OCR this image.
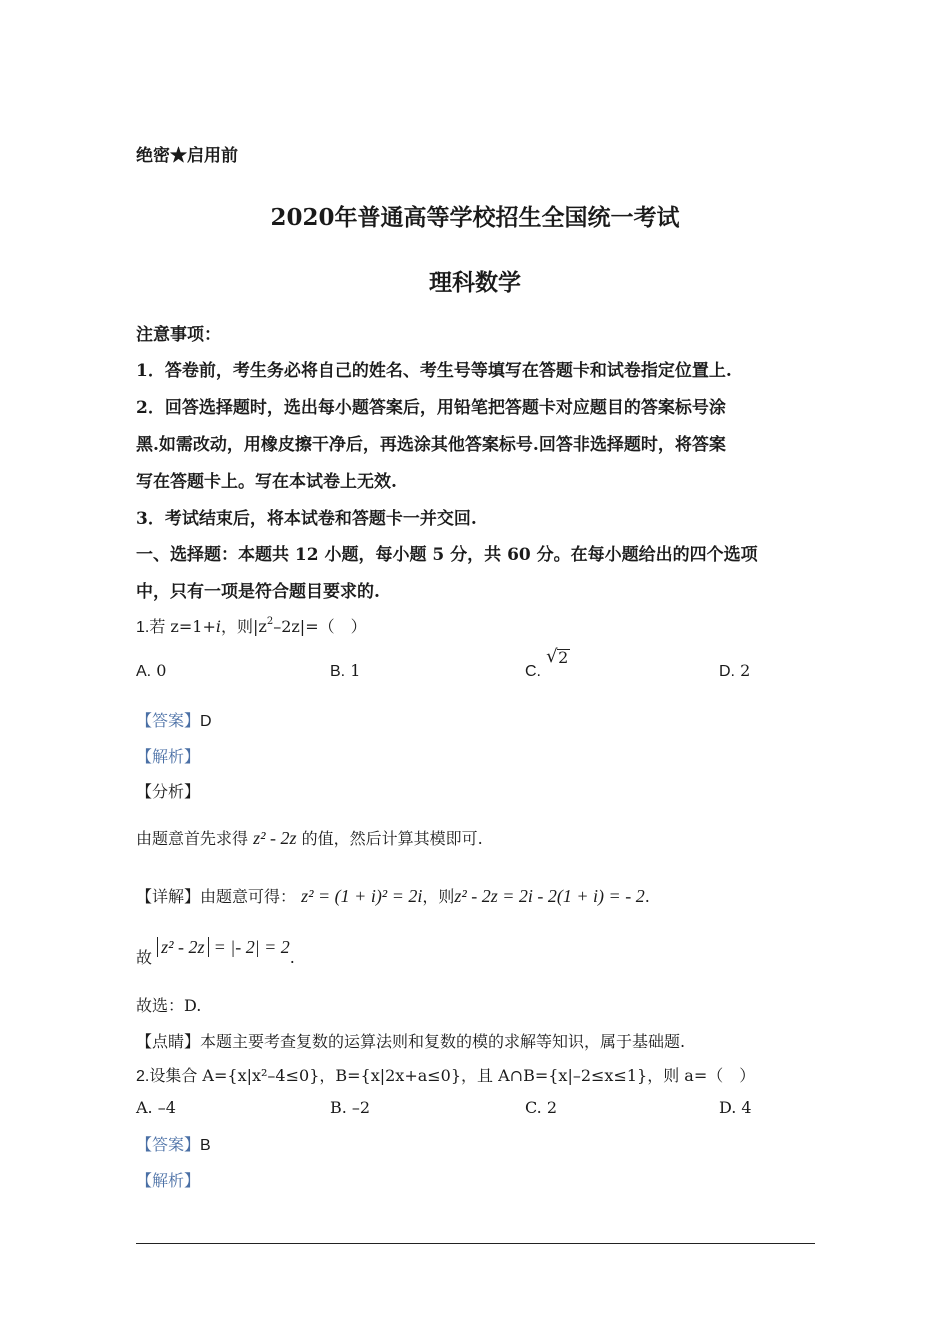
绝密★启用前
2020年普通高等学校招生全国统一考试
理科数学
注意事项：
1．答卷前，考生务必将自己的姓名、考生号等填写在答题卡和试卷指定位置上.
2．回答选择题时，选出每小题答案后，用铅笔把答题卡对应题目的答案标号涂
黑.如需改动，用橡皮擦干净后，再选涂其他答案标号.回答非选择题时，将答案
写在答题卡上。写在本试卷上无效.
3．考试结束后，将本试卷和答题卡一并交回.
一、选择题：本题共 12 小题，每小题 5 分，共 60 分。在每小题给出的四个选项
中，只有一项是符合题目要求的.
1.若 z=1+i，则$|z^2-2z|=$（　）
A. 0	B. 1	C.
√ 2
D. 2
【答案】D
【解析】
【分析】
由题意首先求得 z² - 2z 的值，然后计算其模即可.
【详解】由题意可得： z² = (1 + i)² = 2i，则z² - 2z = 2i - 2(1 + i) = - 2.
故 z² - 2z = |- 2| = 2.
故选：D.
【点睛】本题主要考查复数的运算法则和复数的模的求解等知识，属于基础题.
2.设集合 A={x|x²–4≤0}，B={x|2x+a≤0}，且 A∩B={x|–2≤x≤1}，则 a=（　）
A. –4	B. –2	C. 2	D. 4
【答案】B
【解析】
